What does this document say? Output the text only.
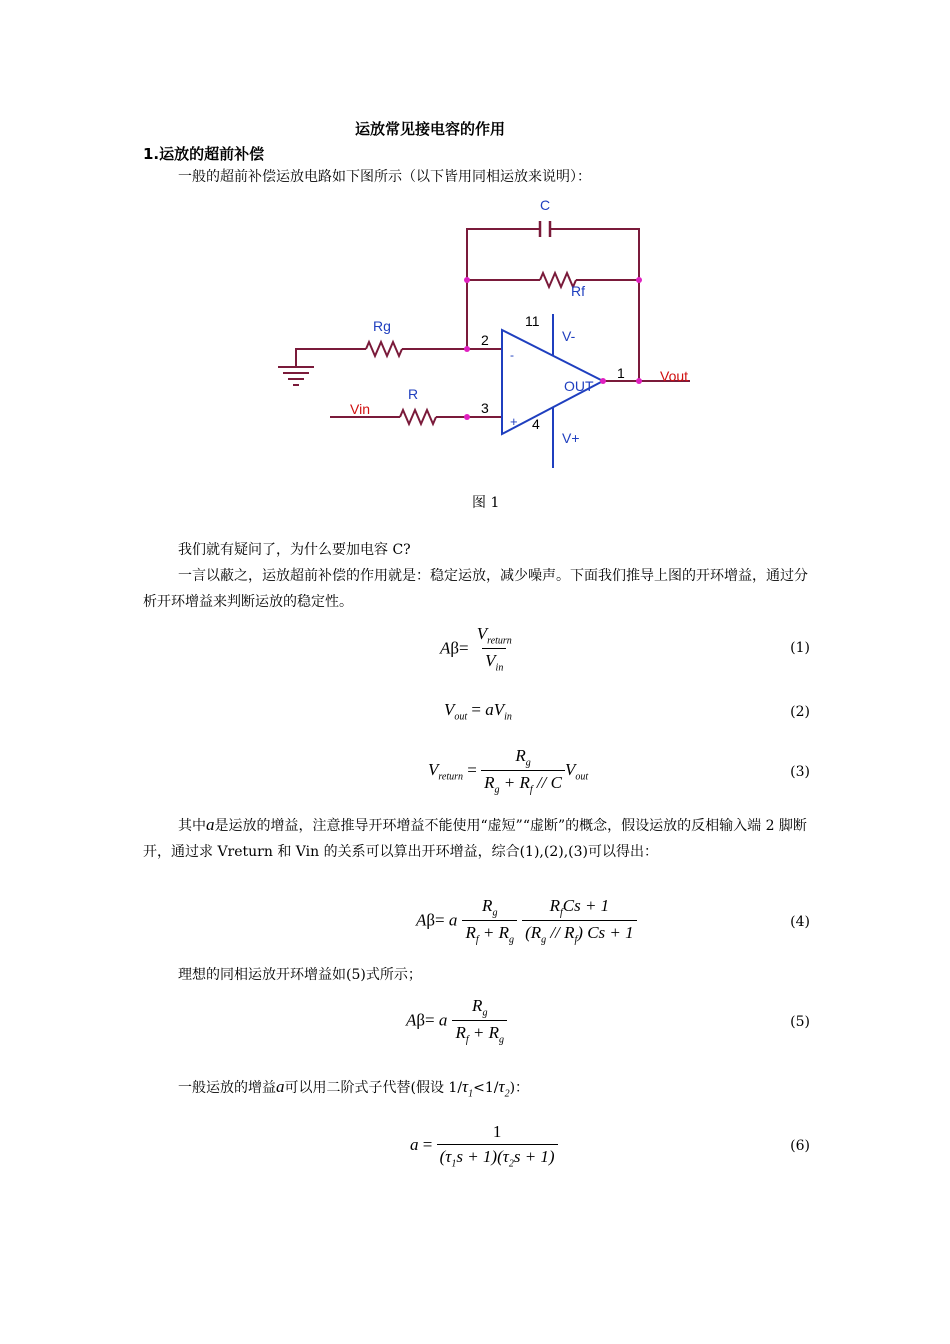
运放常见接电容的作用
1.运放的超前补偿
一般的超前补偿运放电路如下图所示（以下皆用同相运放来说明）：
C
Rf
Rg
R
Vin
Vout
2
3
11
4
1
-
+
V-
V+
OUT
图 1
我们就有疑问了，为什么要加电容 C?
一言以蔽之，运放超前补偿的作用就是：稳定运放，减少噪声。下面我们推导上图的开环增益，通过分析开环增益来判断运放的稳定性。
$A\beta= \frac{V_{return}}{V_{in}}$	(1)
$V_{out} = aV_{in}$	(2)
$V_{return} = \frac{R_g}{R_g + R_f // C} V_{out}$	(3)
其中a是运放的增益，注意推导开环增益不能使用“虚短”“虚断”的概念，假设运放的反相输入端 2 脚断开，通过求 Vreturn 和 Vin 的关系可以算出开环增益，综合(1),(2),(3)可以得出：
Aβ= a $\frac{R_g}{R_f + R_g}$
$\frac{R_fCs + 1}{(R_g // R_f) Cs + 1}$	(4)
理想的同相运放开环增益如(5)式所示；
Aβ= a $\frac{R_g}{R_f + R_g}$	(5)
一般运放的增益a可以用二阶式子代替(假设 $1/\tau_1<1/\tau_2$)：
$a = \frac{1}{(\tau_1s + 1)(\tau_2s + 1)}$	(6)
